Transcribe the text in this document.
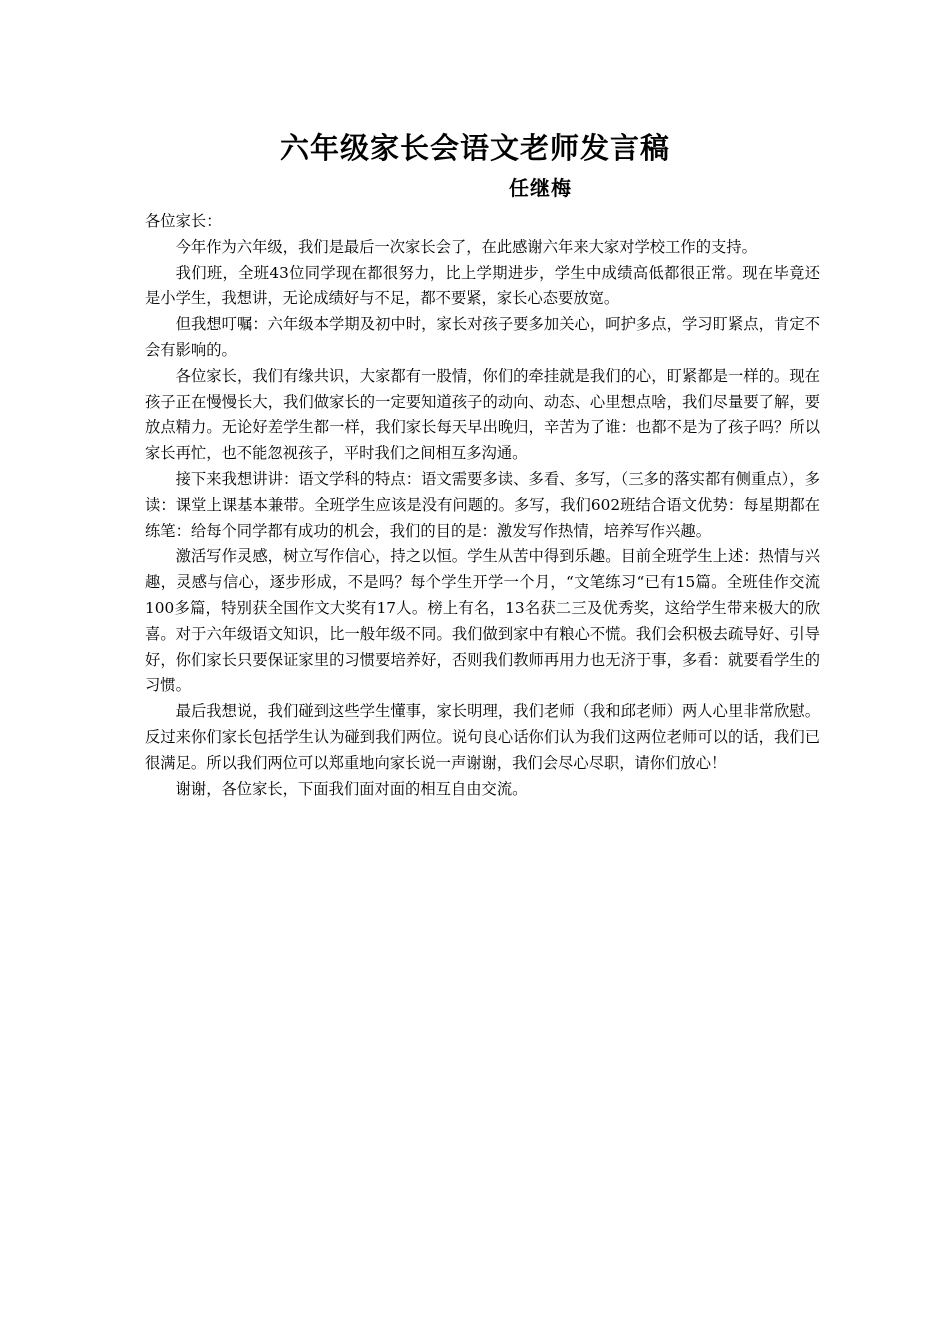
六年级家长会语文老师发言稿
任继梅

各位家长：

今年作为六年级，我们是最后一次家长会了，在此感谢六年来大家对学校工作的支持。

我们班，全班43位同学现在都很努力，比上学期进步，学生中成绩高低都很正常。现在毕竟还是小学生，我想讲，无论成绩好与不足，都不要紧，家长心态要放宽。

但我想叮嘱：六年级本学期及初中时，家长对孩子要多加关心，呵护多点，学习盯紧点，肯定不会有影响的。

各位家长，我们有缘共识，大家都有一股情，你们的牵挂就是我们的心，盯紧都是一样的。现在孩子正在慢慢长大，我们做家长的一定要知道孩子的动向、动态、心里想点啥，我们尽量要了解，要放点精力。无论好差学生都一样，我们家长每天早出晚归，辛苦为了谁：也都不是为了孩子吗？所以家长再忙，也不能忽视孩子，平时我们之间相互多沟通。

接下来我想讲讲：语文学科的特点：语文需要多读、多看、多写，（三多的落实都有侧重点），多读：课堂上课基本兼带。全班学生应该是没有问题的。多写，我们602班结合语文优势：每星期都在练笔：给每个同学都有成功的机会，我们的目的是：激发写作热情，培养写作兴趣。

激活写作灵感，树立写作信心，持之以恒。学生从苦中得到乐趣。目前全班学生上述：热情与兴趣，灵感与信心，逐步形成，不是吗？每个学生开学一个月，“文笔练习“已有15篇。全班佳作交流100多篇，特别获全国作文大奖有17人。榜上有名，13名获二三及优秀奖，这给学生带来极大的欣喜。对于六年级语文知识，比一般年级不同。我们做到家中有粮心不慌。我们会积极去疏导好、引导好，你们家长只要保证家里的习惯要培养好，否则我们教师再用力也无济于事，多看：就要看学生的习惯。

最后我想说，我们碰到这些学生懂事，家长明理，我们老师（我和邱老师）两人心里非常欣慰。反过来你们家长包括学生认为碰到我们两位。说句良心话你们认为我们这两位老师可以的话，我们已很满足。所以我们两位可以郑重地向家长说一声谢谢，我们会尽心尽职，请你们放心！

谢谢，各位家长，下面我们面对面的相互自由交流。
